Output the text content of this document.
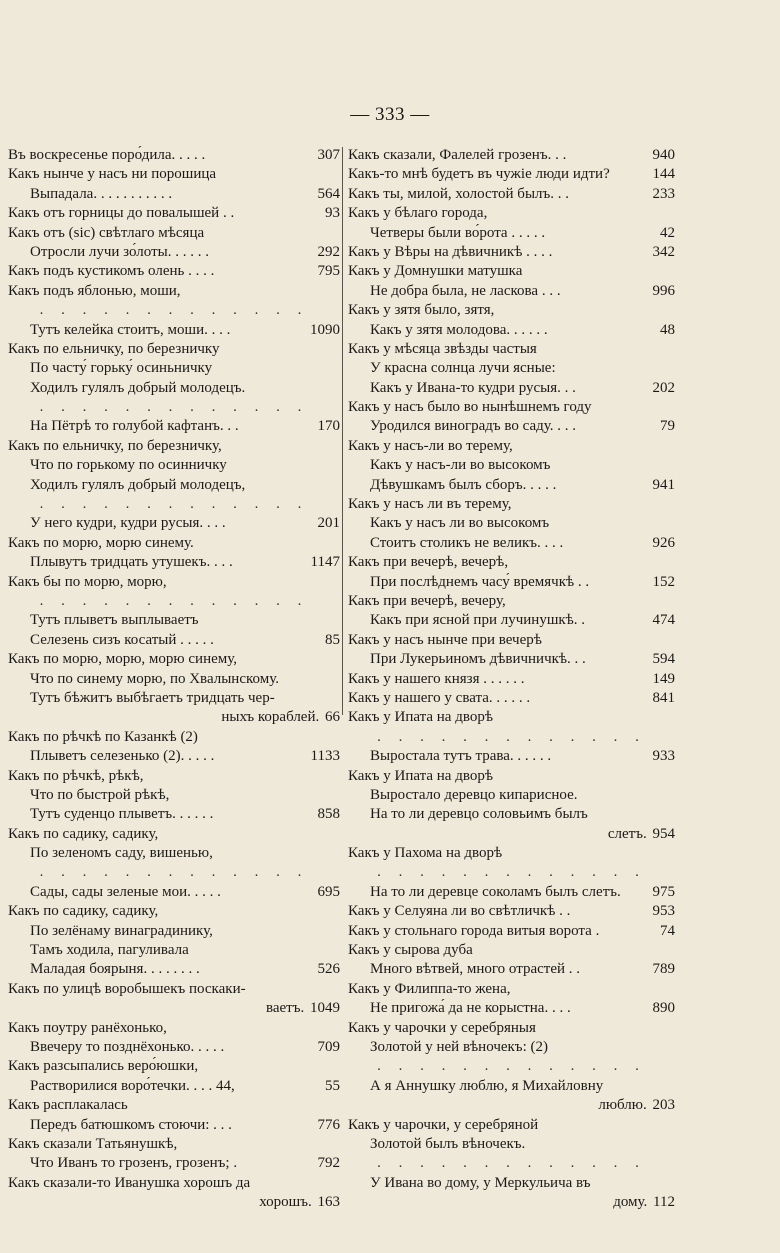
— 333 —
Въ воскресенье поро́дила. . . . .	307
Какъ нынче у насъ ни порошица
Выпадала. . . . . . . . . . .	564
Какъ отъ горницы до повалышей . .	93
Какъ отъ (sic) свѣтлаго мѣсяца
Отросли лучи зо́лоты. . . . . .	292
Какъ подъ кустикомъ олень . . . .	795
Какъ подъ яблонью, моши,
. . . . . . . . . . . . .
Тутъ келейка стоитъ, моши. . . .	1090
Какъ по ельничку, по березничку
По часту́ горьку́ осиньничку
Ходилъ гулялъ добрый молодецъ.
. . . . . . . . . . . . .
На Пётрѣ то голубой кафтанъ. . .	170
Какъ по ельничку, по березничку,
Что по горькому по осинничку
Ходилъ гулялъ добрый молодецъ,
. . . . . . . . . . . . .
У него кудри, кудри русыя. . . .	201
Какъ по морю, морю синему.
Плывутъ тридцать утушекъ. . . .	1147
Какъ бы по морю, морю,
. . . . . . . . . . . . .
Тутъ плыветъ выплываетъ
Селезень сизъ косатый . . . . .	85
Какъ по морю, морю, морю синему,
Что по синему морю, по Хвалынскому.
Тутъ бѣжитъ выбѣгаетъ тридцать чер-
ныхъ кораблей. 66
Какъ по рѣчкѣ по Казанкѣ (2)
Плыветъ селезенько (2). . . . .	1133
Какъ по рѣчкѣ, рѣкѣ,
Что по быстрой рѣкѣ,
Тутъ суденцо плыветъ. . . . . .	858
Какъ по садику, садику,
По зеленомъ саду, вишенью,
. . . . . . . . . . . . .
Сады, сады зеленые мои. . . . .	695
Какъ по садику, садику,
По зелёнаму винаградинику,
Тамъ ходила, пагуливала
Маладая боярыня. . . . . . . .	526
Какъ по улицѣ воробышекъ поскаки-
ваетъ. 1049
Какъ поутру ранёхонько,
Ввечеру то позднёхонько. . . . .	709
Какъ разсыпались веро́юшки,
Растворилися воро́течки. . . . 44,	55
Какъ расплакалась
Передъ батюшкомъ стоючи: . . .	776
Какъ сказали Татьянушкѣ,
Что Иванъ то грозенъ, грозенъ; .	792
Какъ сказали-то Иванушка хорошъ да
хорошъ. 163
Какъ сказали, Фалелей грозенъ. . .	940
Какъ-то мнѣ будетъ въ чужіе люди идти?	144
Какъ ты, милой, холостой былъ. . .	233
Какъ у бѣлаго города,
Четверы были во́рота . . . . .	42
Какъ у Вѣры на дѣвичникѣ . . . .	342
Какъ у Домнушки матушка
Не добра была, не ласкова . . .	996
Какъ у зятя было, зятя,
Какъ у зятя молодова. . . . . .	48
Какъ у мѣсяца звѣзды частыя
У красна солнца лучи ясные:
Какъ у Ивана-то кудри русыя. . .	202
Какъ у насъ было во нынѣшнемъ году
Уродился виноградъ во саду. . . .	79
Какъ у насъ-ли во терему,
Какъ у насъ-ли во высокомъ
Дѣвушкамъ былъ сборъ. . . . .	941
Какъ у насъ ли въ терему,
Какъ у насъ ли во высокомъ
Стоитъ столикъ не великъ. . . .	926
Какъ при вечерѣ, вечерѣ,
При послѣднемъ часу́ времячкѣ . .	152
Какъ при вечерѣ, вечеру,
Какъ при ясной при лучинушкѣ. .	474
Какъ у насъ нынче при вечерѣ
При Лукерьиномъ дѣвичничкѣ. . .	594
Какъ у нашего князя . . . . . .	149
Какъ у нашего у свата. . . . . .	841
Какъ у Ипата на дворѣ
. . . . . . . . . . . . .
Выростала тутъ трава. . . . . .	933
Какъ у Ипата на дворѣ
Выростало деревцо кипарисное.
На то ли деревцо соловьимъ былъ
слетъ. 954
Какъ у Пахома на дворѣ
. . . . . . . . . . . . .
На то ли деревце соколамъ былъ слетъ. 975
Какъ у Селуяна ли во свѣтличкѣ . .	953
Какъ у стольнаго города витыя ворота .	74
Какъ у сырова дуба
Много вѣтвей, много отрастей . .	789
Какъ у Филиппа-то жена,
Не пригожа́ да не корыстна. . . .	890
Какъ у чарочки у серебряныя
Золотой у ней вѣночекъ: (2)
. . . . . . . . . . . . .
А я Аннушку люблю, я Михайловну
люблю. 203
Какъ у чарочки, у серебряной
Золотой былъ вѣночекъ.
. . . . . . . . . . . . .
У Ивана во дому, у Меркульича въ
дому. 112
